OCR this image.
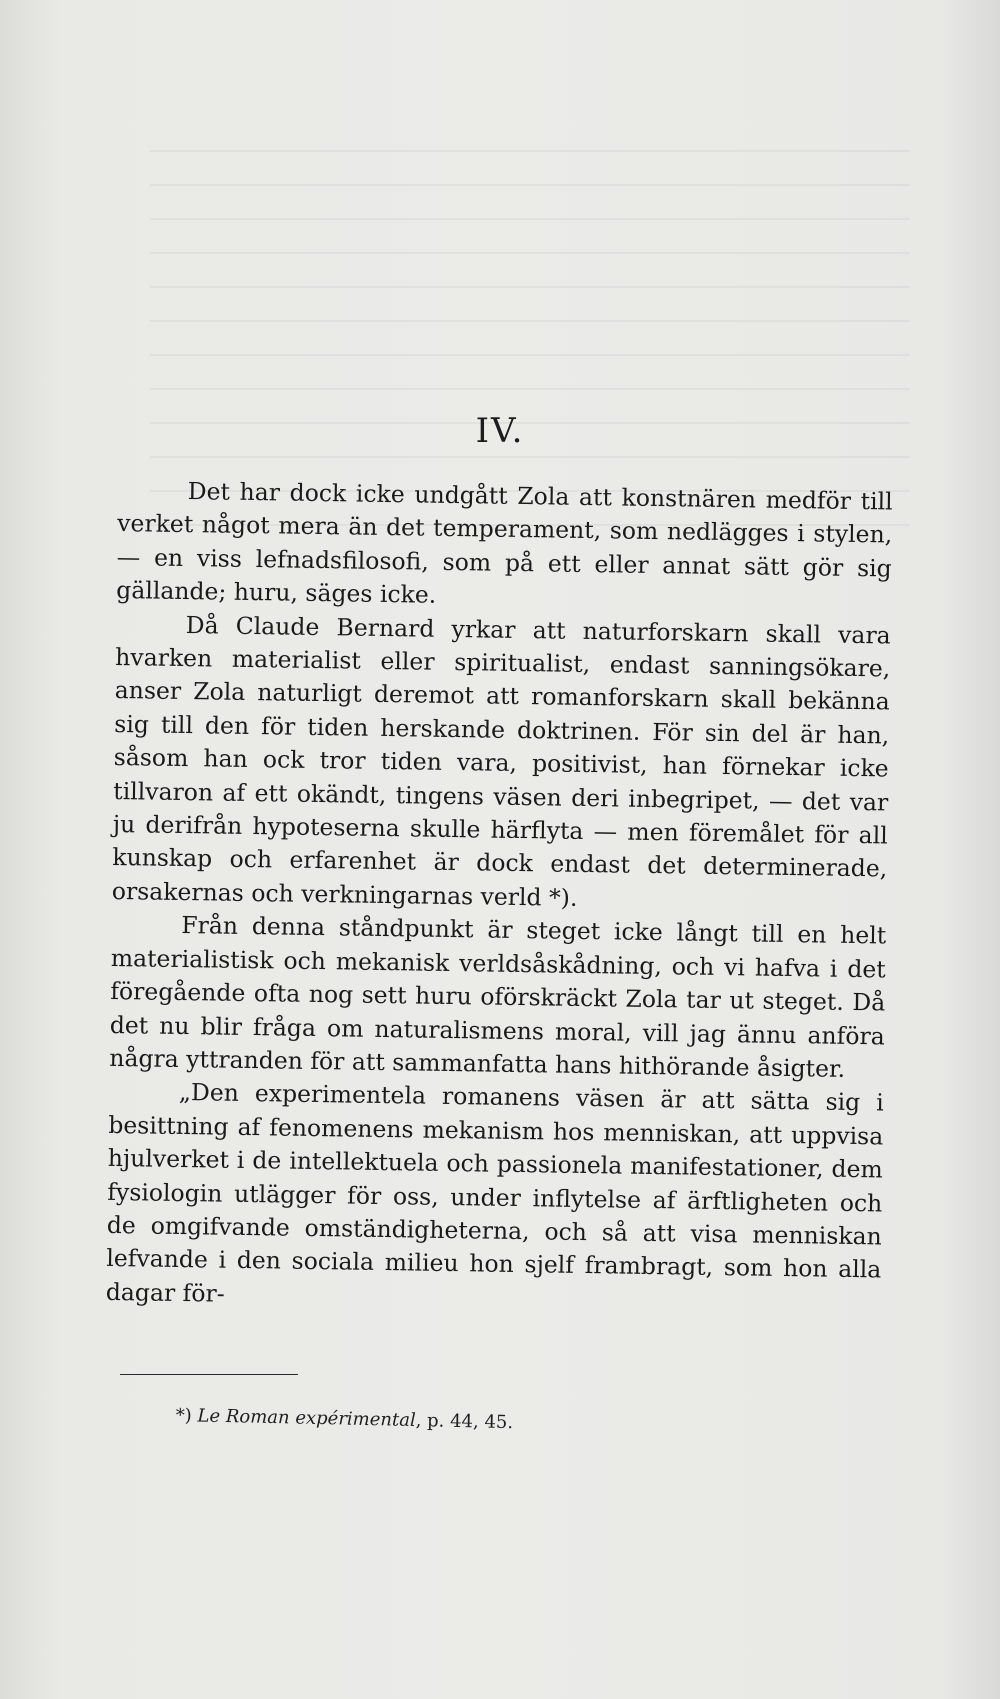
IV.

Det har dock icke undgått Zola att konstnären medför till verket något mera än det temperament, som nedlägges i stylen, — en viss lefnadsfilosofi, som på ett eller annat sätt gör sig gällande; huru, säges icke.

Då Claude Bernard yrkar att naturforskarn skall vara hvarken materialist eller spiritualist, endast sanningsökare, anser Zola naturligt deremot att romanforskarn skall bekänna sig till den för tiden herskande doktrinen. För sin del är han, såsom han ock tror tiden vara, positivist, han förnekar icke tillvaron af ett okändt, tingens väsen deri inbegripet, — det var ju derifrån hypoteserna skulle härflyta — men föremålet för all kunskap och erfarenhet är dock endast det determinerade, orsakernas och verkningarnas verld *).

Från denna ståndpunkt är steget icke långt till en helt materialistisk och mekanisk verldsåskådning, och vi hafva i det föregående ofta nog sett huru oförskräckt Zola tar ut steget. Då det nu blir fråga om naturalismens moral, vill jag ännu anföra några yttranden för att sammanfatta hans hithörande åsigter.

„Den experimentela romanens väsen är att sätta sig i besittning af fenomenens mekanism hos menniskan, att uppvisa hjulverket i de intellektuela och passionela manifestationer, dem fysiologin utlägger för oss, under inflytelse af ärftligheten och de omgifvande omständigheterna, och så att visa menniskan lefvande i den sociala milieu hon sjelf frambragt, som hon alla dagar för-

*) Le Roman expérimental, p. 44, 45.
